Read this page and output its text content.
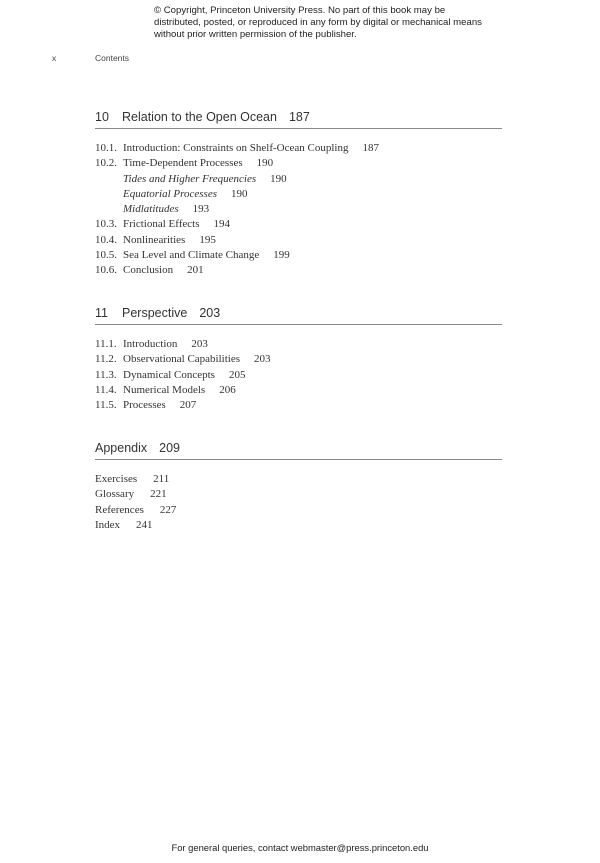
© Copyright, Princeton University Press. No part of this book may be distributed, posted, or reproduced in any form by digital or mechanical means without prior written permission of the publisher.
x	Contents
10 Relation to the Open Ocean 187
10.1. Introduction: Constraints on Shelf-Ocean Coupling 187
10.2. Time-Dependent Processes 190
Tides and Higher Frequencies 190
Equatorial Processes 190
Midlatitudes 193
10.3. Frictional Effects 194
10.4. Nonlinearities 195
10.5. Sea Level and Climate Change 199
10.6. Conclusion 201
11 Perspective 203
11.1. Introduction 203
11.2. Observational Capabilities 203
11.3. Dynamical Concepts 205
11.4. Numerical Models 206
11.5. Processes 207
Appendix 209
Exercises 211
Glossary 221
References 227
Index 241
For general queries, contact webmaster@press.princeton.edu
